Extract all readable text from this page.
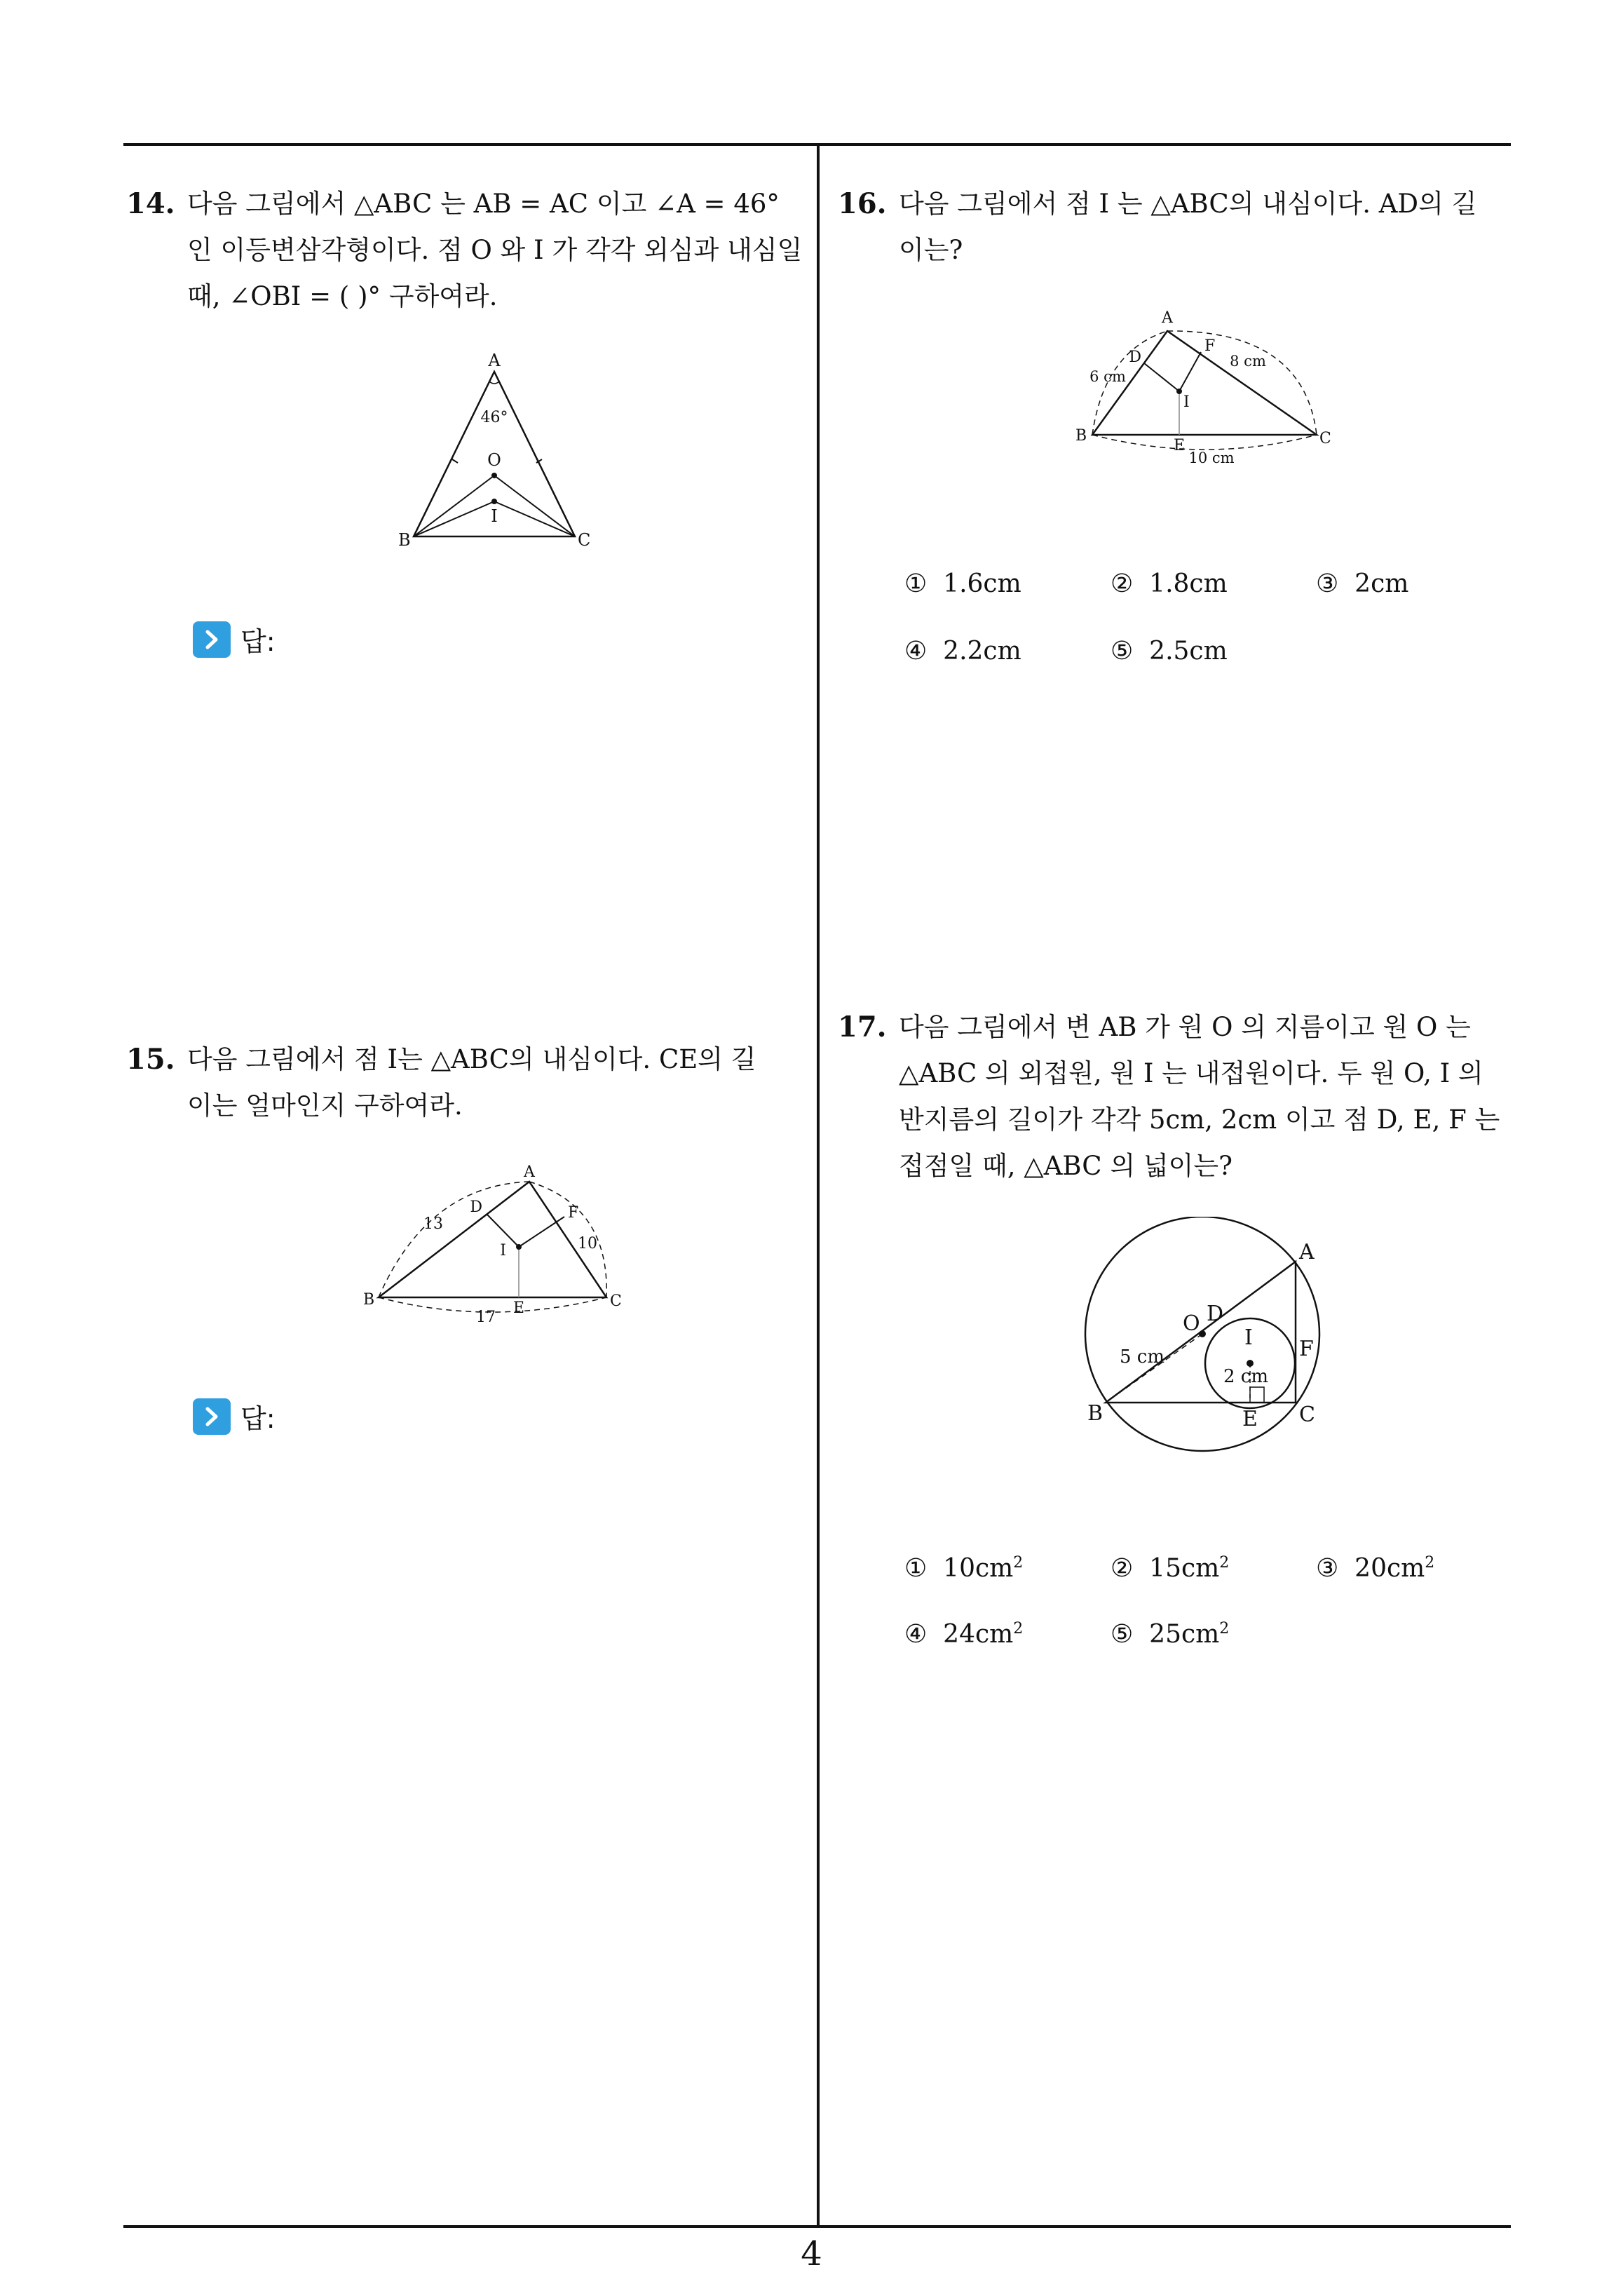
4
14. 다음 그림에서 △ABC 는 AB = AC 이고 ∠A = 46°
인 이등변삼각형이다. 점 O 와 I 가 각각 외심과 내심일
때, ∠OBI = ( )° 구하여라.
A
46°
O
I
B	C
답:
15. 다음 그림에서 점 I는 △ABC의 내심이다. CE의 길
이는 얼마인지 구하여라.
A
D	F
I
E
B	C
13
10
17
답:
16. 다음 그림에서 점 I 는 △ABC의 내심이다. AD의 길
이는?
A
D
F
I
E
B	C
6 cm
8 cm
10 cm
① 1.6cm	② 1.8cm	③ 2cm
④ 2.2cm	⑤ 2.5cm
17. 다음 그림에서 변 AB 가 원 O 의 지름이고 원 O 는
△ABC 의 외접원, 원 I 는 내접원이다. 두 원 O, I 의
반지름의 길이가 각각 5cm, 2cm 이고 점 D, E, F 는
접점일 때, △ABC 의 넓이는?
A
B	C
D
E
F
O
I
5 cm
2 cm
① $10cm^2$	② $15cm^2$	③ $20cm^2$
④ $24cm^2$	⑤ $25cm^2$
